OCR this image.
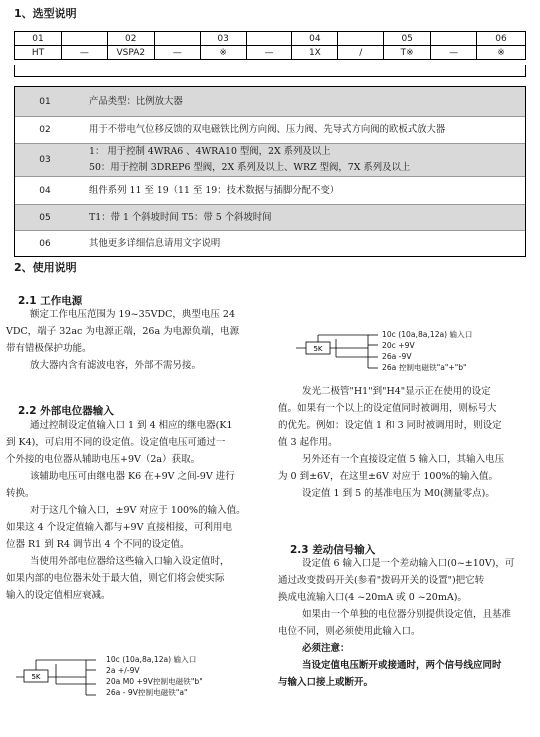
1、选型说明
01		02		03		04		05		06
HT	—	VSPA2	—	※	—	1X	/	T※	—	※
01	产品类型：比例放大器
02	用于不带电气位移反馈的双电磁铁比例方向阀、压力阀、先导式方向阀的欧板式放大器
03
1： 用于控制 4WRA6 、4WRA10 型阀，2X 系列及以上
50：用于控制 3DREP6 型阀，2X 系列及以上、WRZ 型阀，7X 系列及以上
04	组件系列 11 至 19（11 至 19：技术数据与插脚分配不变）
05	T1：带 1 个斜坡时间 T5：带 5 个斜坡时间
06	其他更多详细信息请用文字说明
2、使用说明
2.1 工作电源
额定工作电压范围为 19~35VDC，典型电压 24
VDC，端子 32ac 为电源正端，26a 为电源负端，电源
带有错极保护功能。
放大器内含有滤波电容，外部不需另接。
2.2 外部电位器输入
通过控制设定值输入口 1 到 4 相应的继电器(K1
到 K4)，可启用不同的设定值。设定值电压可通过一
个外接的电位器从辅助电压+9V（2a）获取。
该辅助电压可由继电器 K6 在+9V 之间-9V 进行
转换。
对于这几个输入口，±9V 对应于 100%的输入值。
如果这 4 个设定值输入都与+9V 直接相接，可利用电
位器 R1 到 R4 调节出 4 个不同的设定值。
当使用外部电位器给这些输入口输入设定值时，
如果内部的电位器未处于最大值，则它们将会使实际
输入的设定值相应衰减。
5K
10c (10a,8a,12a) 输入口
20c +9V
26a -9V
26a 控制电磁铁"a"+"b"
发光二极管"H1"到"H4"显示正在使用的设定
值。如果有一个以上的设定值同时被调用，则标号大
的优先。例如：设定值 1 和 3 同时被调用时，则设定
值 3 起作用。
另外还有一个直接设定值 5 输入口，其输入电压
为 0 到±6V，在这里±6V 对应于 100%的输入值。
设定值 1 到 5 的基准电压为 M0(测量零点)。
2.3 差动信号输入
设定值 6 输入口是一个差动输入口(0~±10V)，可
通过改变拨码开关(参看"拨码开关的设置")把它转
换成电流输入口(4 ~20mA 或 0 ~20mA)。
如果由一个单独的电位器分别提供设定值，且基准
电位不同，则必须使用此输入口。
必须注意：
当设定值电压断开或接通时，两个信号线应同时
与输入口接上或断开。
5K
10c (10a,8a,12a) 输入口
2a +/-9V
20a M0 +9V控制电磁铁"b"
26a - 9V控制电磁铁"a"
